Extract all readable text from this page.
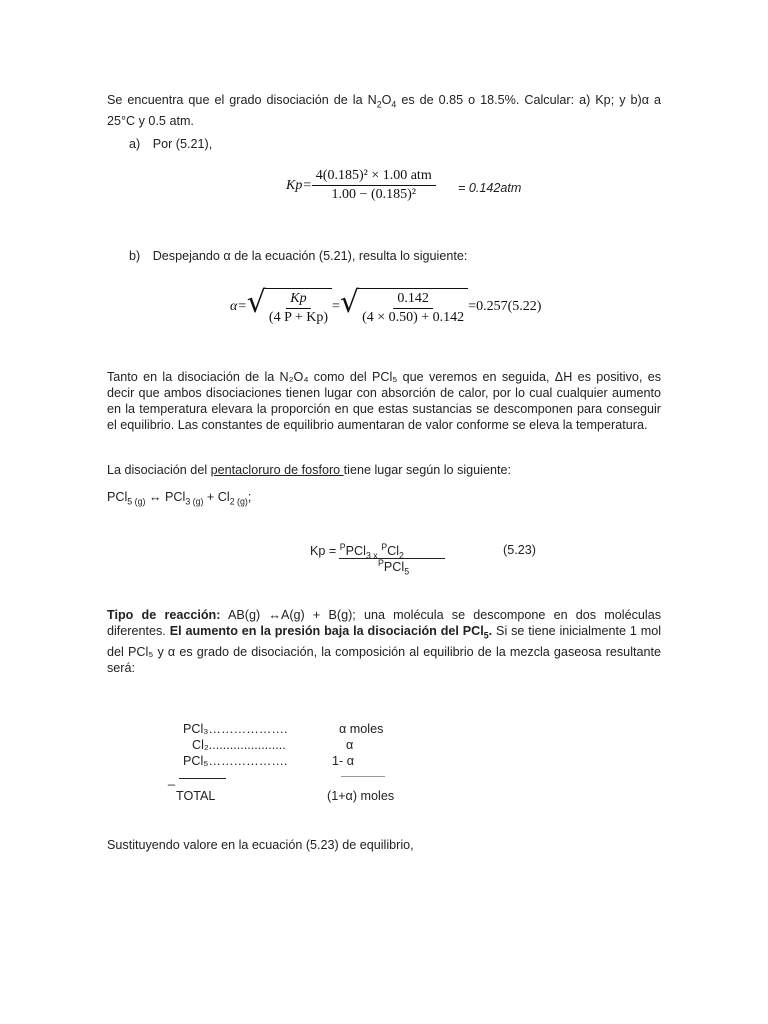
Se encuentra que el grado disociación de la $N_2O_4$ es de 0.85 o 18.5%. Calcular: a) Kp; y b)α a 25°C y 0.5 atm.
a) Por (5.21),
$Kp= \frac{\text{4(0.185)² × 1.00 atm}}{\text{1.00 − (0.185)²}} = 0.142atm$
b) Despejando α de la ecuación (5.21), resulta lo siguiente:
α= √ $\frac{Kp}{(4 P + Kp)}$ = √ $\frac{0.142}{(4 \times 0.50) + 0.142} =0.257(5.22)$
Tanto en la disociación de la N₂O₄ como del PCl₅ que veremos en seguida, ΔH es positivo, es decir que ambos disociaciones tienen lugar con absorción de calor, por lo cual cualquier aumento en la temperatura elevara la proporción en que estas sustancias se descomponen para conseguir el equilibrio. Las constantes de equilibrio aumentaran de valor conforme se eleva la temperatura.
La disociación del pentacloruro de fosforo tiene lugar según lo siguiente:
PCl$_{5 (g)}$ ↔ $PCl_{3 (g)} + Cl_{2 (g)}$;
Kp = $^P$PCl$_{3 x}$ $^PCl_2$
$^P$PCl$_5$
(5.23)
Tipo de reacción: AB(g) ↔A(g) + B(g); una molécula se descompone en dos moléculas diferentes. El aumento en la presión baja la disociación del PCl$_5$. Si se tiene inicialmente 1 mol del PCl₅ y α es grado de disociación, la composición al equilibrio de la mezcla gaseosa resultante será:
PCl₃……………….	α moles
Cl₂......................	α
PCl₅……………….	1- α
_
TOTAL	(1+α) moles
Sustituyendo valore en la ecuación (5.23) de equilibrio,
